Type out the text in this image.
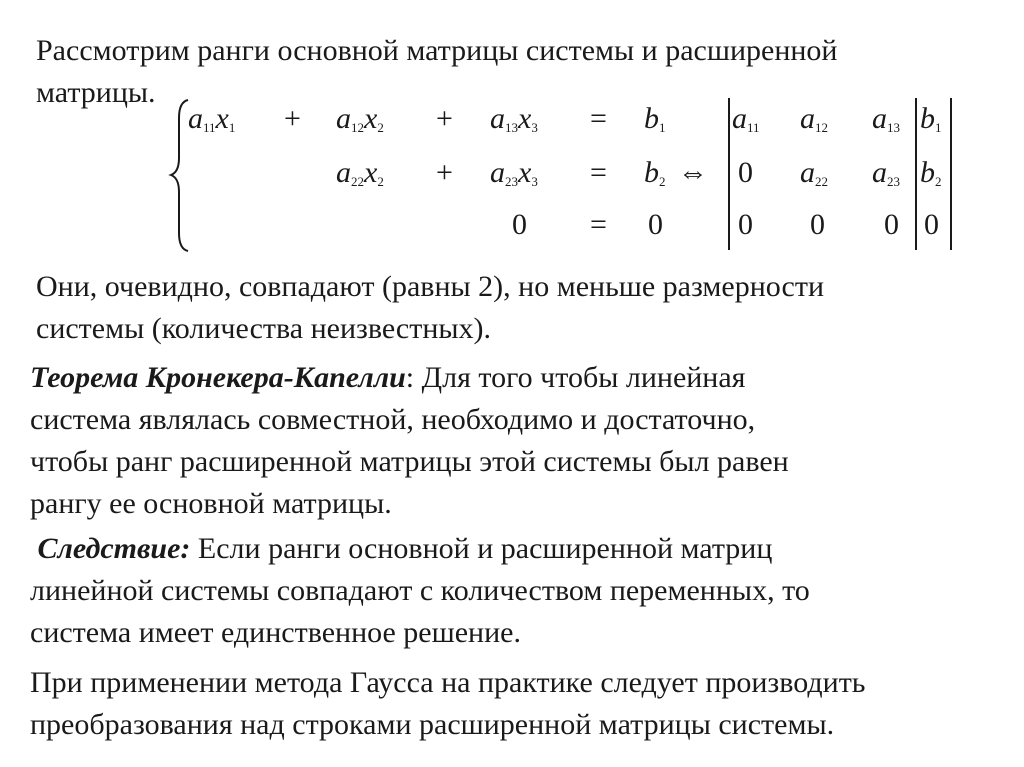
Рассмотрим ранги основной матрицы системы и расширенной
матрицы.

$a_{11}x_1 + a_{12}x_2 + a_{13}x_3 = b_1$
$a_{22}x_2 + a_{23}x_3 = b_2$ ⇔
0 = 0
$a_{11}$ $a_{12}$ $a_{13}$ $b_1$
0 $a_{22}$ $a_{23}$ $b_2$
0 0 0 0

Они, очевидно, совпадают (равны 2), но меньше размерности
системы (количества неизвестных).

Теорема Кронекера-Капелли: Для того чтобы линейная
система являлась совместной, необходимо и достаточно,
чтобы ранг расширенной матрицы этой системы был равен
рангу ее основной матрицы.

Следствие: Если ранги основной и расширенной матриц
линейной системы совпадают с количеством переменных, то
система имеет единственное решение.

При применении метода Гаусса на практике следует производить
преобразования над строками расширенной матрицы системы.
